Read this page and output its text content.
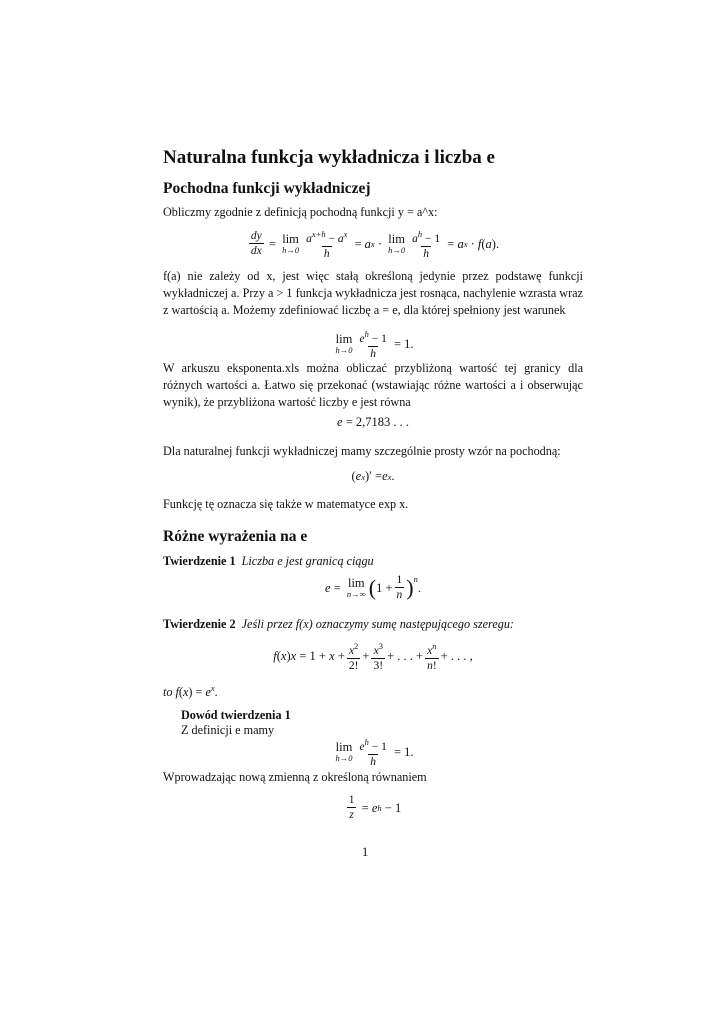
Naturalna funkcja wykładnicza i liczba e
Pochodna funkcji wykładniczej
Obliczmy zgodnie z definicją pochodną funkcji y = a^x:
$\frac{dy}{dx} = \lim$
$h\to 0 \frac{a^{x+h} - a^x}{h} = a$ x · lim
$h\to 0 \frac{a^h - 1}{h} = a$ x · f ( a ).
f(a) nie zależy od x, jest więc stałą określoną jedynie przez podstawę funkcji wykładniczej a. Przy a > 1 funkcja wykładnicza jest rosnąca, nachylenie wzrasta wraz z wartością a. Możemy zdefiniować liczbę a = e, dla której spełniony jest warunek
lim
$h\to 0 \frac{e^h - 1}{h} = 1$.
W arkuszu eksponenta.xls można obliczać przybliżoną wartość tej granicy dla różnych wartości a. Łatwo się przekonać (wstawiając różne wartości a i obserwując wynik), że przybliżona wartość liczby e jest równa
e = 2,7183 . . .
Dla naturalnej funkcji wykładniczej mamy szczególnie prosty wzór na pochodną:
( e x )′ = e x .
Funkcję tę oznacza się także w matematyce exp x.
Różne wyrażenia na e
Twierdzenie 1 Liczba e jest granicą ciągu
e = lim
n→∞ ( $1 + \frac{1}{n} )^n$
.
Twierdzenie 2 Jeśli przez f(x) oznaczymy sumę następującego szeregu:
f ( x ) $x = 1 + x + \frac{x^2}{2!} + \frac{x^3}{3!}$ + . . . + $\frac{x^n}{n!}$ + . . . ,
to $f(x) = e^x$.
Dowód twierdzenia 1
Z definicji e mamy
lim
$h\to 0 \frac{e^h - 1}{h} = 1$.
Wprowadzając nową zmienną z określoną równaniem
$\frac{1}{z} = e$ h − 1
1
